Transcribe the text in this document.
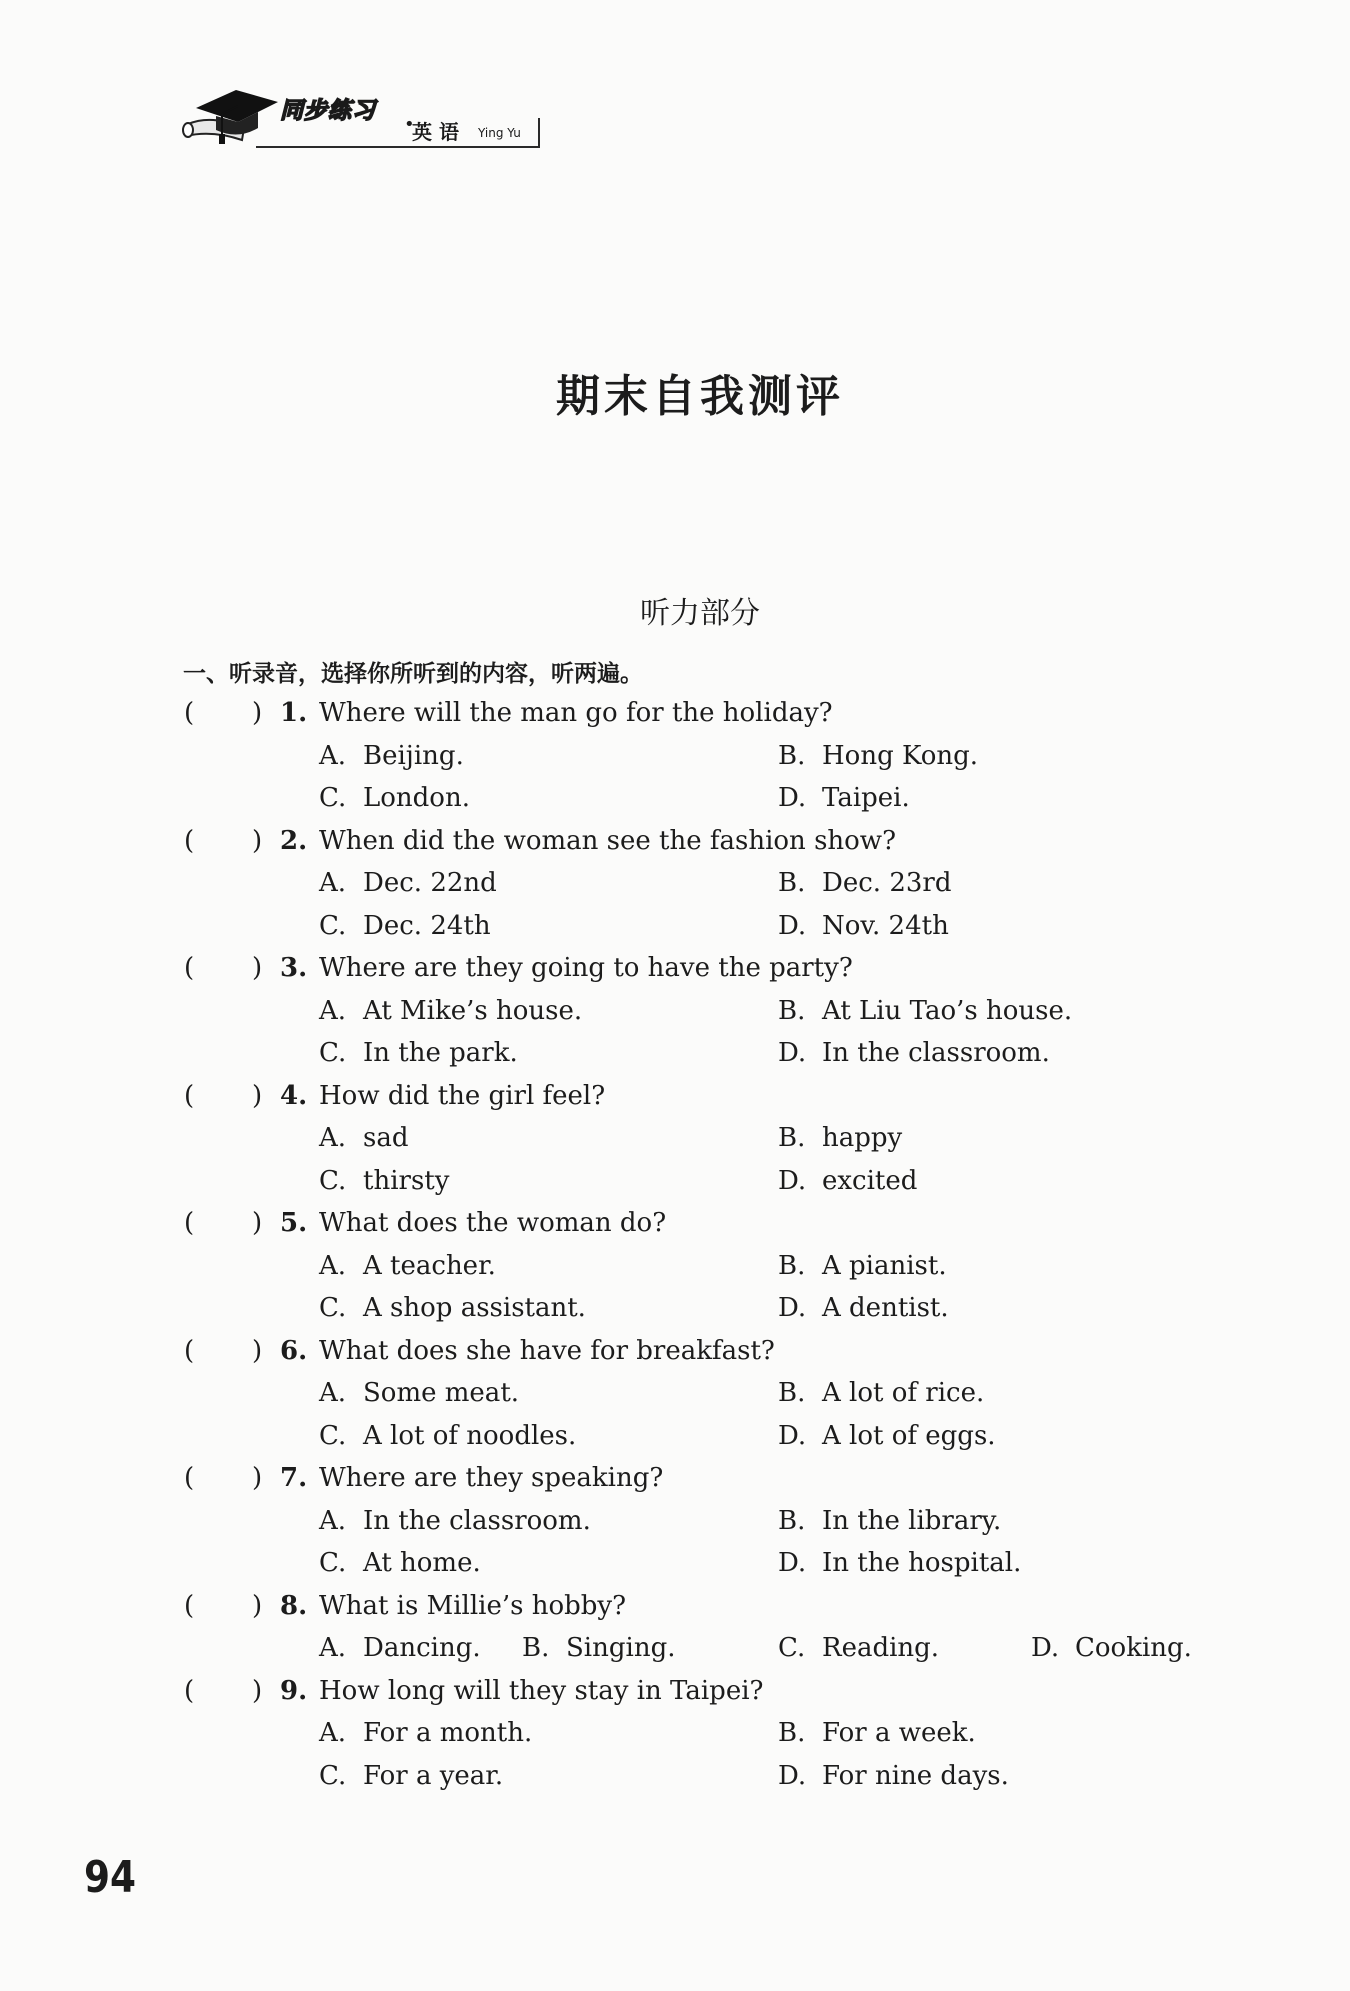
同步练习
•
英 语 Ying Yu
期末自我测评
听力部分
一、听录音，选择你所听到的内容，听两遍。
( ) 1. Where will the man go for the holiday?
A. Beijing.	B. Hong Kong.
C. London.	D. Taipei.
( ) 2. When did the woman see the fashion show?
A. Dec. 22nd	B. Dec. 23rd
C. Dec. 24th	D. Nov. 24th
( ) 3. Where are they going to have the party?
A. At Mike’s house.	B. At Liu Tao’s house.
C. In the park.	D. In the classroom.
( ) 4. How did the girl feel?
A. sad	B. happy
C. thirsty	D. excited
( ) 5. What does the woman do?
A. A teacher.	B. A pianist.
C. A shop assistant.	D. A dentist.
( ) 6. What does she have for breakfast?
A. Some meat.	B. A lot of rice.
C. A lot of noodles.	D. A lot of eggs.
( ) 7. Where are they speaking?
A. In the classroom.	B. In the library.
C. At home.	D. In the hospital.
( ) 8. What is Millie’s hobby?
A. Dancing. B. Singing.	C. Reading.	D. Cooking.
( ) 9. How long will they stay in Taipei?
A. For a month.	B. For a week.
C. For a year.	D. For nine days.
94
